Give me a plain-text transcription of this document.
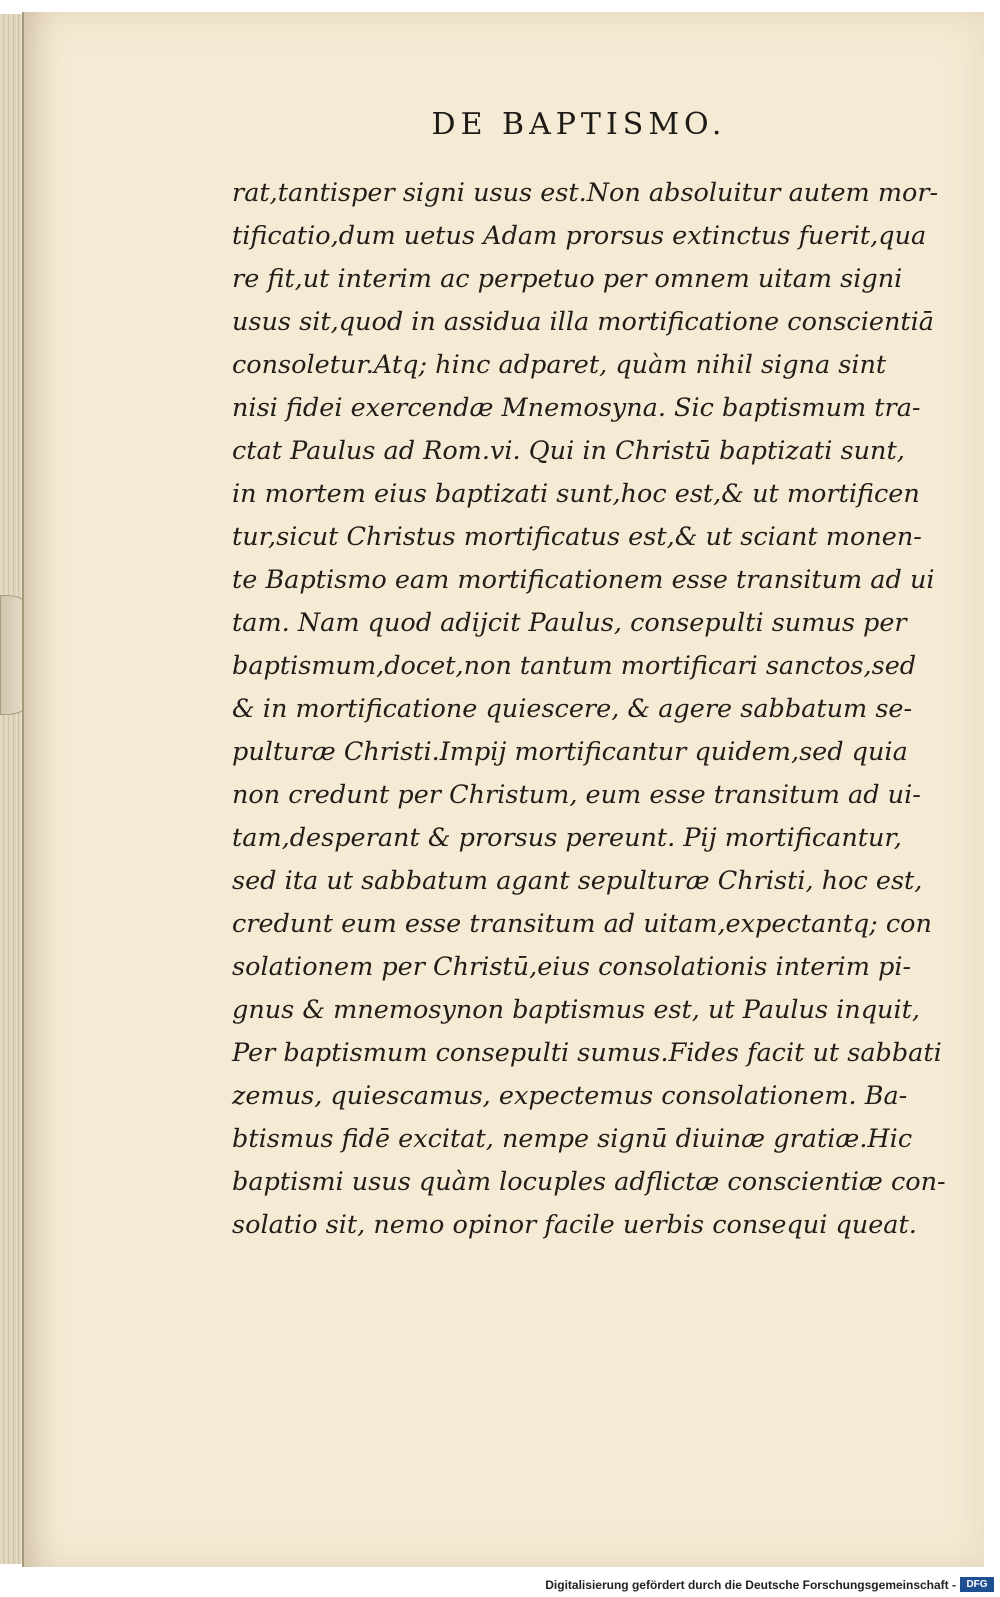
DE BAPTISMO.
rat,tantisper signi usus est.Non absoluitur autem mor-
tificatio,dum uetus Adam prorsus extinctus fuerit,qua
re fit,ut interim ac perpetuo per omnem uitam signi
usus sit,quod in assidua illa mortificatione conscientiā
consoletur.Atq; hinc adparet, quàm nihil signa sint
nisi fidei exercendæ Mnemosyna. Sic baptismum tra-
ctat Paulus ad Rom.vi. Qui in Christū baptizati sunt,
in mortem eius baptizati sunt,hoc est,& ut mortificen
tur,sicut Christus mortificatus est,& ut sciant monen-
te Baptismo eam mortificationem esse transitum ad ui
tam. Nam quod adijcit Paulus, consepulti sumus per
baptismum,docet,non tantum mortificari sanctos,sed
& in mortificatione quiescere, & agere sabbatum se-
pulturæ Christi.Impij mortificantur quidem,sed quia
non credunt per Christum, eum esse transitum ad ui-
tam,desperant & prorsus pereunt. Pij mortificantur,
sed ita ut sabbatum agant sepulturæ Christi, hoc est,
credunt eum esse transitum ad uitam,expectantq; con
solationem per Christū,eius consolationis interim pi-
gnus & mnemosynon baptismus est, ut Paulus inquit,
Per baptismum consepulti sumus.Fides facit ut sabbati
zemus, quiescamus, expectemus consolationem. Ba-
btismus fidē excitat, nempe signū diuinæ gratiæ.Hic
baptismi usus quàm locuples adflictæ conscientiæ con-
solatio sit, nemo opinor facile uerbis consequi queat.
Digitalisierung gefördert durch die Deutsche Forschungsgemeinschaft -	DFG
